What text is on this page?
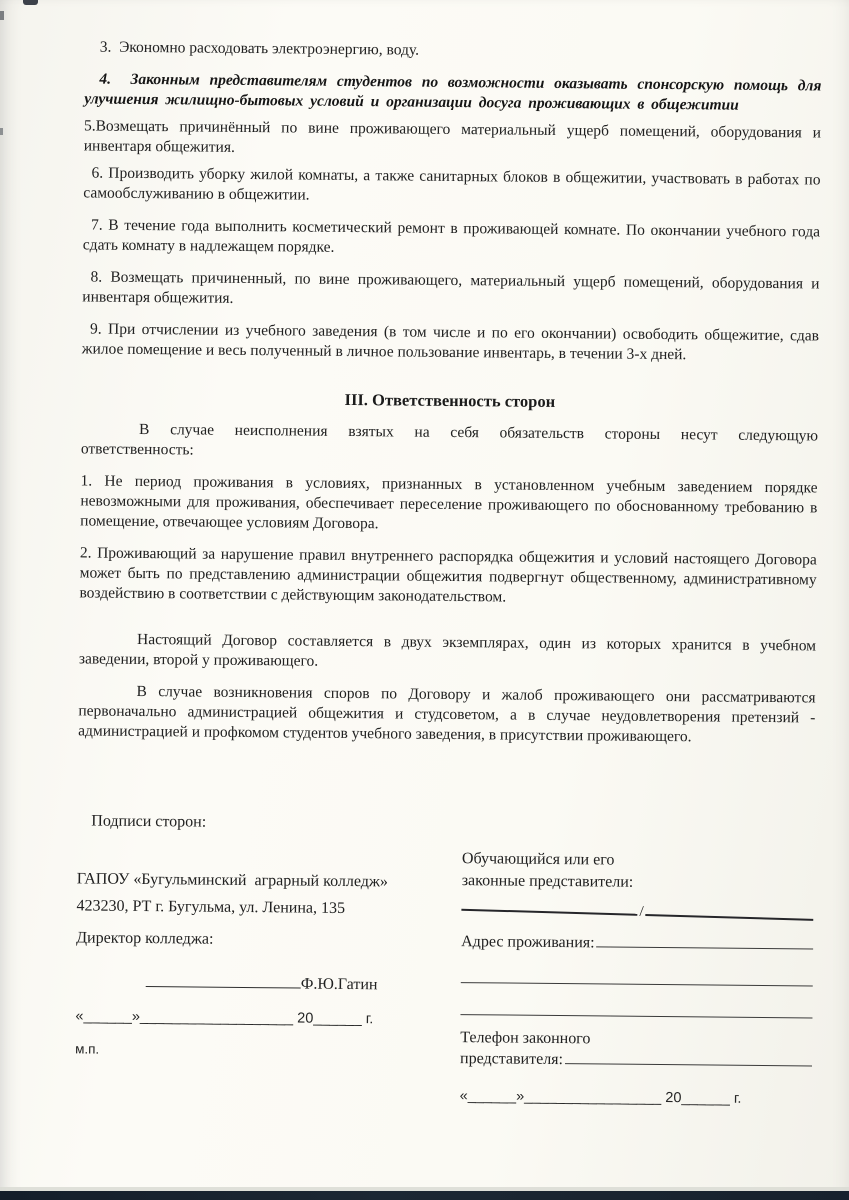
3.  Экономно расходовать электроэнергию, воду.

4.  Законным представителям студентов по возможности оказывать спонсорскую помощь для улучшения жилищно-бытовых условий и организации досуга проживающих в общежитии

5.Возмещать причинённый по вине проживающего материальный ущерб помещений, оборудования и инвентаря общежития.

6. Производить уборку жилой комнаты, а также санитарных блоков в общежитии, участвовать в работах по самообслуживанию в общежитии.

7. В течение года выполнить косметический ремонт в проживающей комнате. По окончании учебного года сдать комнату в надлежащем порядке.

8. Возмещать причиненный, по вине проживающего, материальный ущерб помещений, оборудования и инвентаря общежития.

9. При отчислении из учебного заведения (в том числе и по его окончании) освободить общежитие, сдав жилое помещение и весь полученный в личное пользование инвентарь, в течении 3-х дней.

III. Ответственность сторон

В случае неисполнения взятых на себя обязательств стороны несут следующую ответственность:

1. Не период проживания в условиях, признанных в установленном учебным заведением порядке невозможными для проживания, обеспечивает переселение проживающего по обоснованному требованию в помещение, отвечающее условиям Договора.

2. Проживающий за нарушение правил внутреннего распорядка общежития и условий настоящего Договора может быть по представлению администрации общежития подвергнут общественному, административному воздействию в соответствии с действующим законодательством.

Настоящий Договор составляется в двух экземплярах, один из которых хранится в учебном заведении, второй у проживающего.

В случае возникновения споров по Договору и жалоб проживающего они рассматриваются первоначально администрацией общежития и студсоветом, а в случае неудовлетворения претензий - администрацией и профкомом студентов учебного заведения, в присутствии проживающего.

Подписи сторон:

ГАПОУ «Бугульминский  аграрный колледж»

423230, РТ г. Бугульма, ул. Ленина, 135

Директор колледжа:

Ф.Ю.Гатин

«______»___________________ 20______ г.

м.п.

Обучающийся или его

законные представители:

/
Адрес проживания:

Телефон законного

представителя:

«______»_________________ 20______ г.
